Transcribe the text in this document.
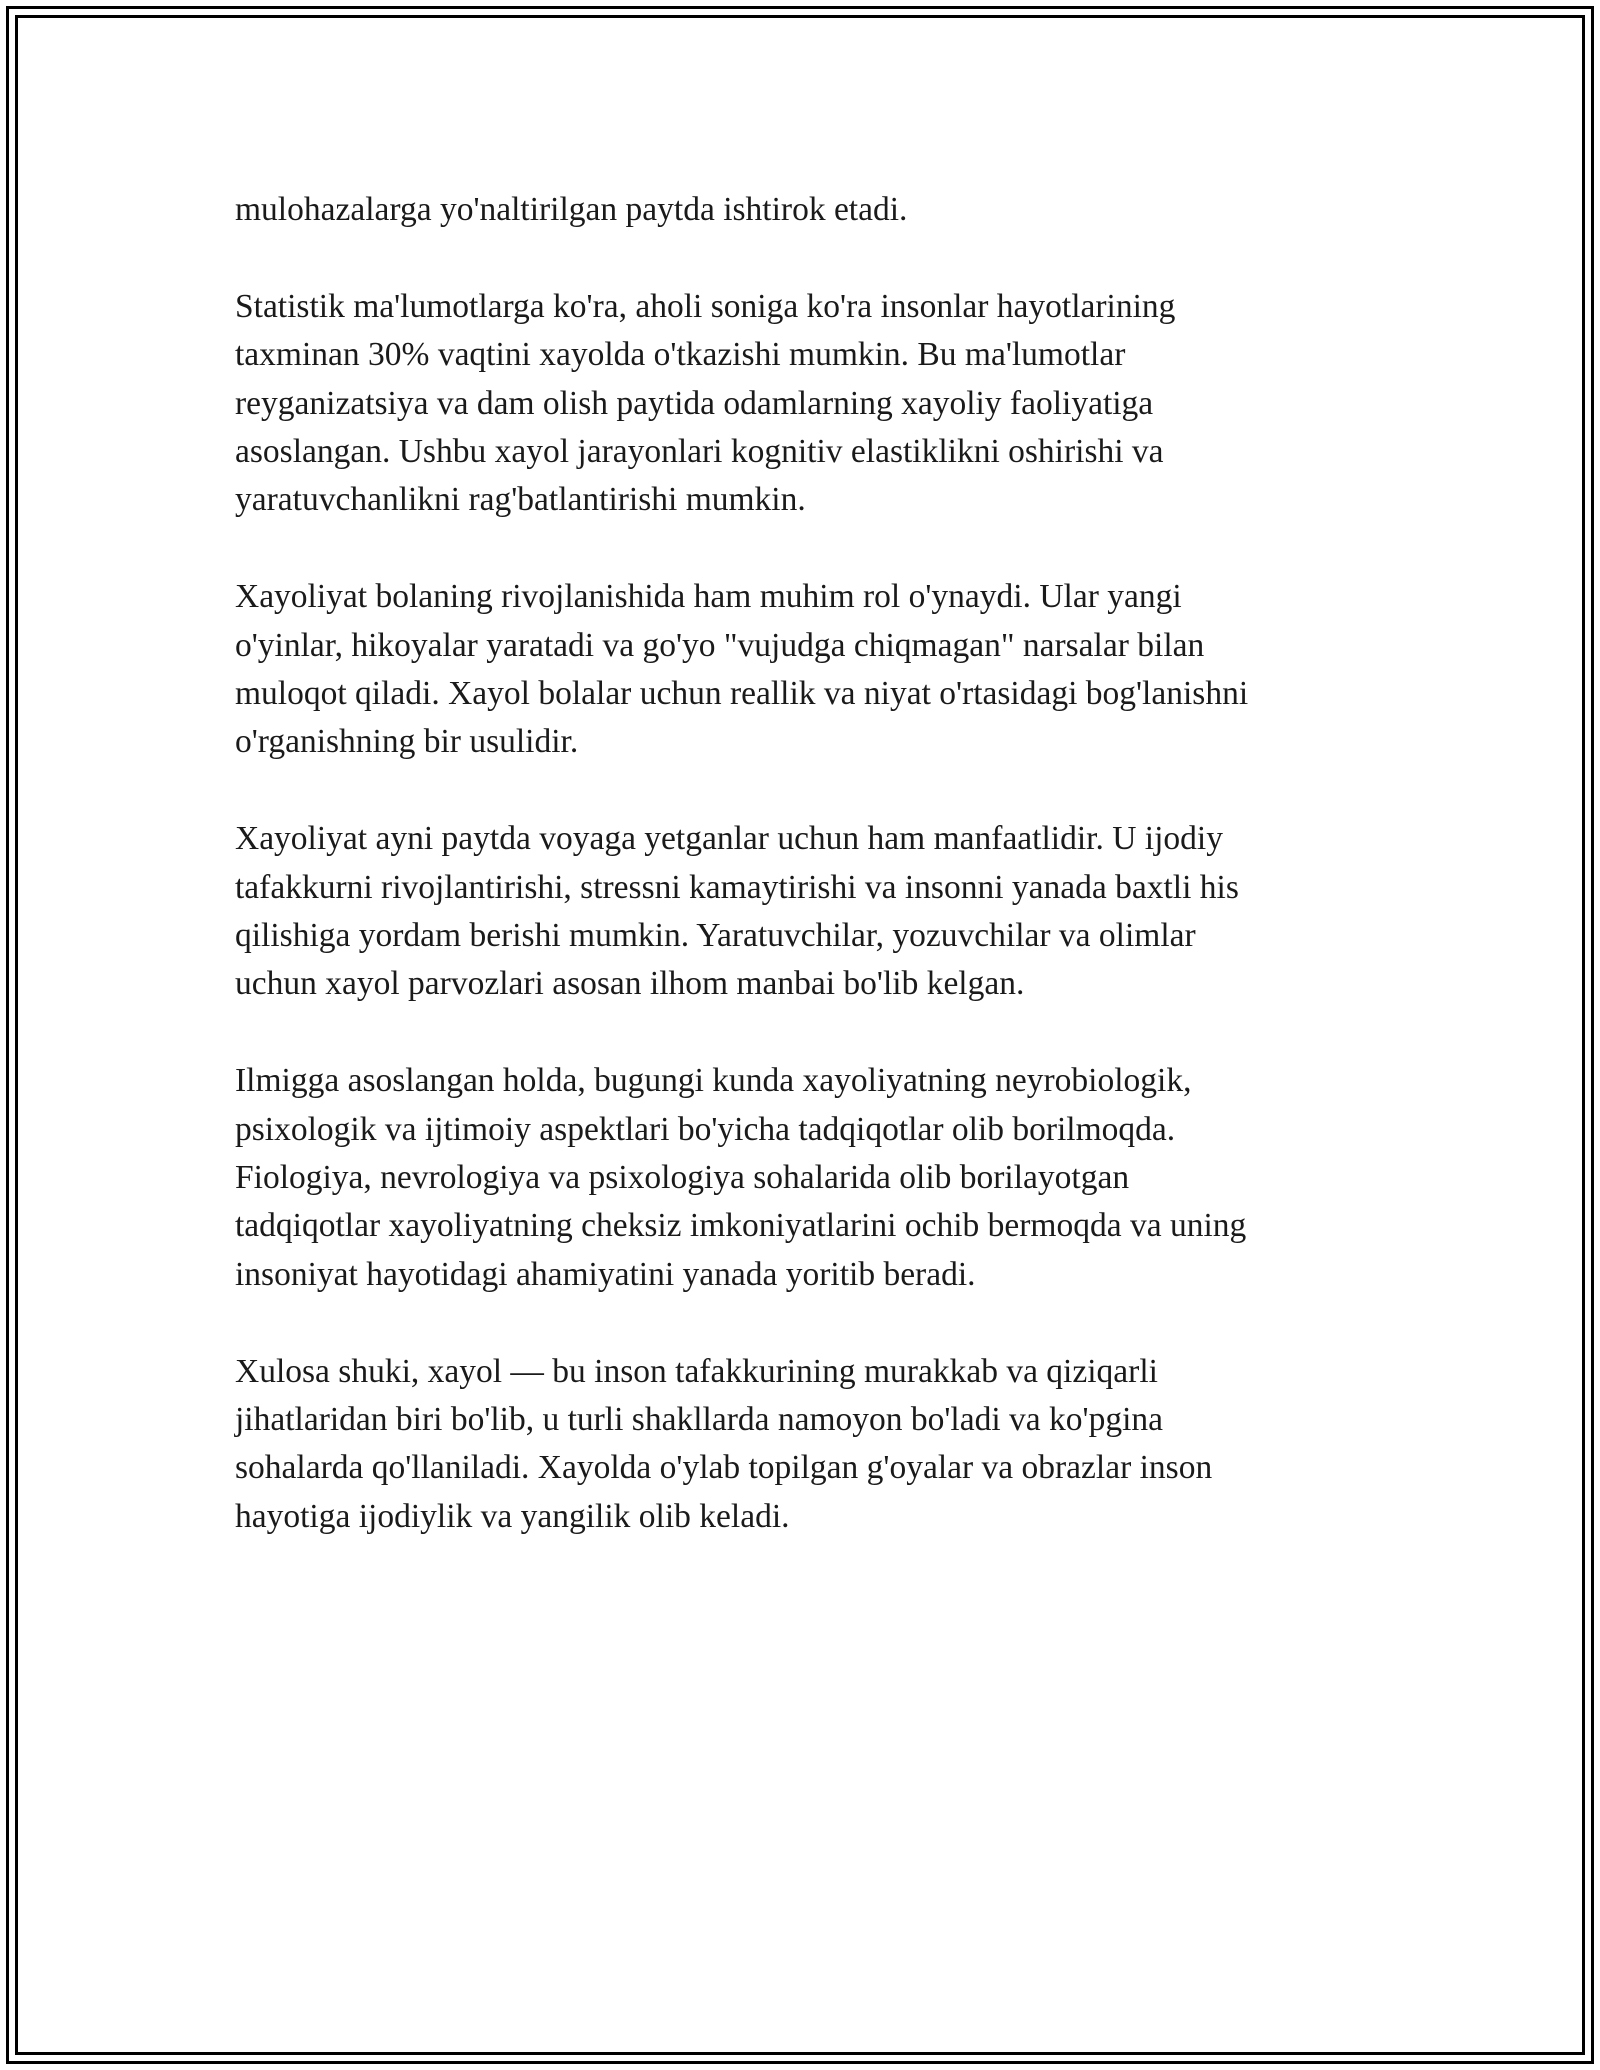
mulohazalarga yo'naltirilgan paytda ishtirok etadi.

Statistik ma'lumotlarga ko'ra, aholi soniga ko'ra insonlar hayotlarining
taxminan 30% vaqtini xayolda o'tkazishi mumkin. Bu ma'lumotlar
reyganizatsiya va dam olish paytida odamlarning xayoliy faoliyatiga
asoslangan. Ushbu xayol jarayonlari kognitiv elastiklikni oshirishi va
yaratuvchanlikni rag'batlantirishi mumkin.

Xayoliyat bolaning rivojlanishida ham muhim rol o'ynaydi. Ular yangi
o'yinlar, hikoyalar yaratadi va go'yo "vujudga chiqmagan" narsalar bilan
muloqot qiladi. Xayol bolalar uchun reallik va niyat o'rtasidagi bog'lanishni
o'rganishning bir usulidir.

Xayoliyat ayni paytda voyaga yetganlar uchun ham manfaatlidir. U ijodiy
tafakkurni rivojlantirishi, stressni kamaytirishi va insonni yanada baxtli his
qilishiga yordam berishi mumkin. Yaratuvchilar, yozuvchilar va olimlar
uchun xayol parvozlari asosan ilhom manbai bo'lib kelgan.

Ilmigga asoslangan holda, bugungi kunda xayoliyatning neyrobiologik,
psixologik va ijtimoiy aspektlari bo'yicha tadqiqotlar olib borilmoqda.
Fiologiya, nevrologiya va psixologiya sohalarida olib borilayotgan
tadqiqotlar xayoliyatning cheksiz imkoniyatlarini ochib bermoqda va uning
insoniyat hayotidagi ahamiyatini yanada yoritib beradi.

Xulosa shuki, xayol — bu inson tafakkurining murakkab va qiziqarli
jihatlaridan biri bo'lib, u turli shakllarda namoyon bo'ladi va ko'pgina
sohalarda qo'llaniladi. Xayolda o'ylab topilgan g'oyalar va obrazlar inson
hayotiga ijodiylik va yangilik olib keladi.
